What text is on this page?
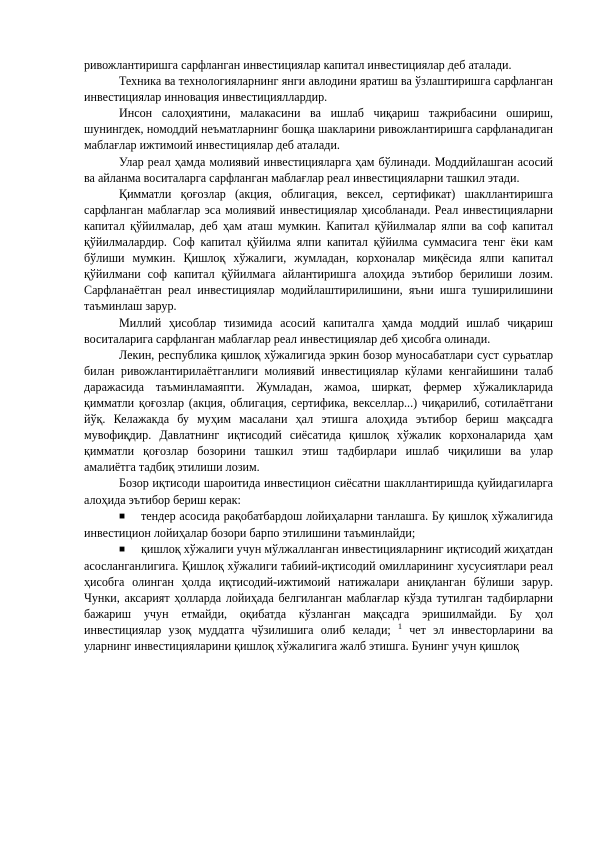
ривожлантиришга сарфланган инвестициялар капитал инвестициялар деб аталади.

Техника ва технологияларнинг янги авлодини яратиш ва ўзлаштиришга сарфланган инвестициялар инновация инвестицияллардир.

Инсон салоҳиятини, малакасини ва ишлаб чиқариш тажрибасини ошириш, шунингдек, номоддий неъматларнинг бошқа шакларини ривожлантиришга сарфланадиган маблағлар ижтимоий инвестициялар деб аталади.

Улар реал ҳамда молиявий инвестицияларга ҳам бўлинади. Моддийлашган асосий ва айланма воситаларга сарфланган маблағлар реал инвестицияларни ташкил этади.

Қимматли қоғозлар (акция, облигация, вексел, сертификат) шакллантиришга сарфланган маблағлар эса молиявий инвестициялар ҳисобланади. Реал инвестицияларни капитал қўйилмалар, деб ҳам аташ мумкин. Капитал қўйилмалар ялпи ва соф капитал қўйилмалардир. Соф капитал қўйилма ялпи капитал қўйилма суммасига тенг ёки кам бўлиши мумкин. Қишлоқ хўжалиги, жумладан, корхоналар миқёсида ялпи капитал қўйилмани соф капитал қўйилмага айлантиришга алоҳида эътибор берилиши лозим. Сарфланаётган реал инвестициялар модийлаштирилишини, яъни ишга туширилишини таъминлаш зарур.

Миллий ҳисоблар тизимида асосий капиталга ҳамда моддий ишлаб чиқариш воситаларига сарфланган маблағлар реал инвестициялар деб ҳисобга олинади.

Лекин, республика қишлоқ хўжалигида эркин бозор муносабатлари суст сурьатлар билан ривожлантирилаётганлиги молиявий инвестициялар кўлами кенгайишини талаб даражасида таъминламаяпти. Жумладан, жамоа, ширкат, фермер хўжаликларида қимматли қоғозлар (акция, облигация, сертифика, векселлар...) чиқарилиб, сотилаётгани йўқ. Келажакда бу муҳим масалани ҳал этишга алоҳида эътибор бериш мақсадга мувофиқдир. Давлатнинг иқтисодий сиёсатида қишлоқ хўжалик корхоналарида ҳам қимматли қоғозлар бозорини ташкил этиш тадбирлари ишлаб чиқилиши ва улар амалиётга тадбиқ этилиши лозим.

Бозор иқтисоди шароитида инвестицион сиёсатни шакллантиришда қуйидагиларга алоҳида эътибор бериш керак:

■ тендер асосида рақобатбардош лойиҳаларни танлашга. Бу қишлоқ хўжалигида инвестицион лойиҳалар бозори барпо этилишини таъминлайди;

■ қишлоқ хўжалиги учун мўлжалланган инвестицияларнинг иқтисодий жиҳатдан асосланганлигига. Қишлоқ хўжалиги табиий-иқтисодий омилларининг хусусиятлари реал ҳисобга олинган ҳолда иқтисодий-ижтимоий натижалари аниқланган бўлиши зарур. Чунки, аксарият ҳолларда лойиҳада белгиланган маблағлар кўзда тутилган тадбирларни бажариш учун етмайди, оқибатда кўзланган мақсадга эришилмайди. Бу ҳол инвестициялар узоқ муддатга чўзилишига олиб келади; $^1$ чет эл инвесторларини ва уларнинг инвестицияларини қишлоқ хўжалигига жалб этишга. Бунинг учун қишлоқ
